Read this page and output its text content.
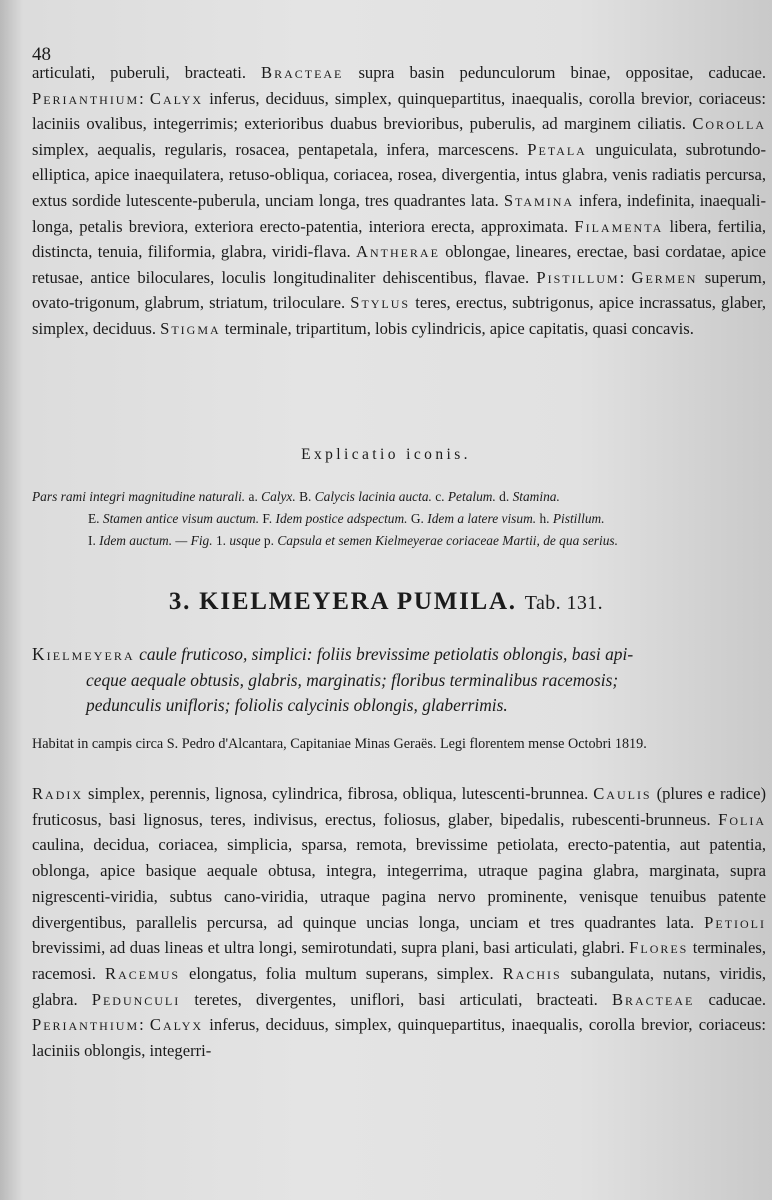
48

articulati, puberuli, bracteati. Bracteae supra basin pedunculorum binae, oppositae, caducae. Perianthium: Calyx inferus, deciduus, simplex, quinquepartitus, inaequalis, corolla brevior, coriaceus: laciniis ovalibus, integerrimis; exterioribus duabus brevioribus, puberulis, ad marginem ciliatis. Corolla simplex, aequalis, regularis, rosacea, pentapetala, infera, marcescens. Petala unguiculata, subrotundo-elliptica, apice inaequilatera, retuso-obliqua, coriacea, rosea, divergentia, intus glabra, venis radiatis percursa, extus sordide lutescente-puberula, unciam longa, tres quadrantes lata. Stamina infera, indefinita, inaequali-longa, petalis breviora, exteriora erecto-patentia, interiora erecta, approximata. Filamenta libera, fertilia, distincta, tenuia, filiformia, glabra, viridi-flava. Antherae oblongae, lineares, erectae, basi cordatae, apice retusae, antice biloculares, loculis longitudinaliter dehiscentibus, flavae. Pistillum: Germen superum, ovato-trigonum, glabrum, striatum, triloculare. Stylus teres, erectus, subtrigonus, apice incrassatus, glaber, simplex, deciduus. Stigma terminale, tripartitum, lobis cylindricis, apice capitatis, quasi concavis.

Explicatio iconis.

Pars rami integri magnitudine naturali. a. Calyx. B. Calycis lacinia aucta. c. Petalum. d. Stamina.
E. Stamen antice visum auctum. F. Idem postice adspectum. G. Idem a latere visum. h. Pistillum.
I. Idem auctum. — Fig. 1. usque p. Capsula et semen Kielmeyerae coriaceae Martii, de qua serius.

3. KIELMEYERA PUMILA. Tab. 131.

Kielmeyera caule fruticoso, simplici: foliis brevissime petiolatis oblongis, basi api-
ceque aequale obtusis, glabris, marginatis; floribus terminalibus racemosis;
pedunculis unifloris; foliolis calycinis oblongis, glaberrimis.

Habitat in campis circa S. Pedro d'Alcantara, Capitaniae Minas Geraës. Legi florentem mense Octobri 1819.

Radix simplex, perennis, lignosa, cylindrica, fibrosa, obliqua, lutescenti-brunnea. Caulis (plures e radice) fruticosus, basi lignosus, teres, indivisus, erectus, foliosus, glaber, bipedalis, rubescenti-brunneus. Folia caulina, decidua, coriacea, simplicia, sparsa, remota, brevissime petiolata, erecto-patentia, aut patentia, oblonga, apice basique aequale obtusa, integra, integerrima, utraque pagina glabra, marginata, supra nigrescenti-viridia, subtus cano-viridia, utraque pagina nervo prominente, venisque tenuibus patente divergentibus, parallelis percursa, ad quinque uncias longa, unciam et tres quadrantes lata. Petioli brevissimi, ad duas lineas et ultra longi, semirotundati, supra plani, basi articulati, glabri. Flores terminales, racemosi. Racemus elongatus, folia multum superans, simplex. Rachis subangulata, nutans, viridis, glabra. Pedunculi teretes, divergentes, uniflori, basi articulati, bracteati. Bracteae caducae. Perianthium: Calyx inferus, deciduus, simplex, quinquepartitus, inaequalis, corolla brevior, coriaceus: laciniis oblongis, integerri-
